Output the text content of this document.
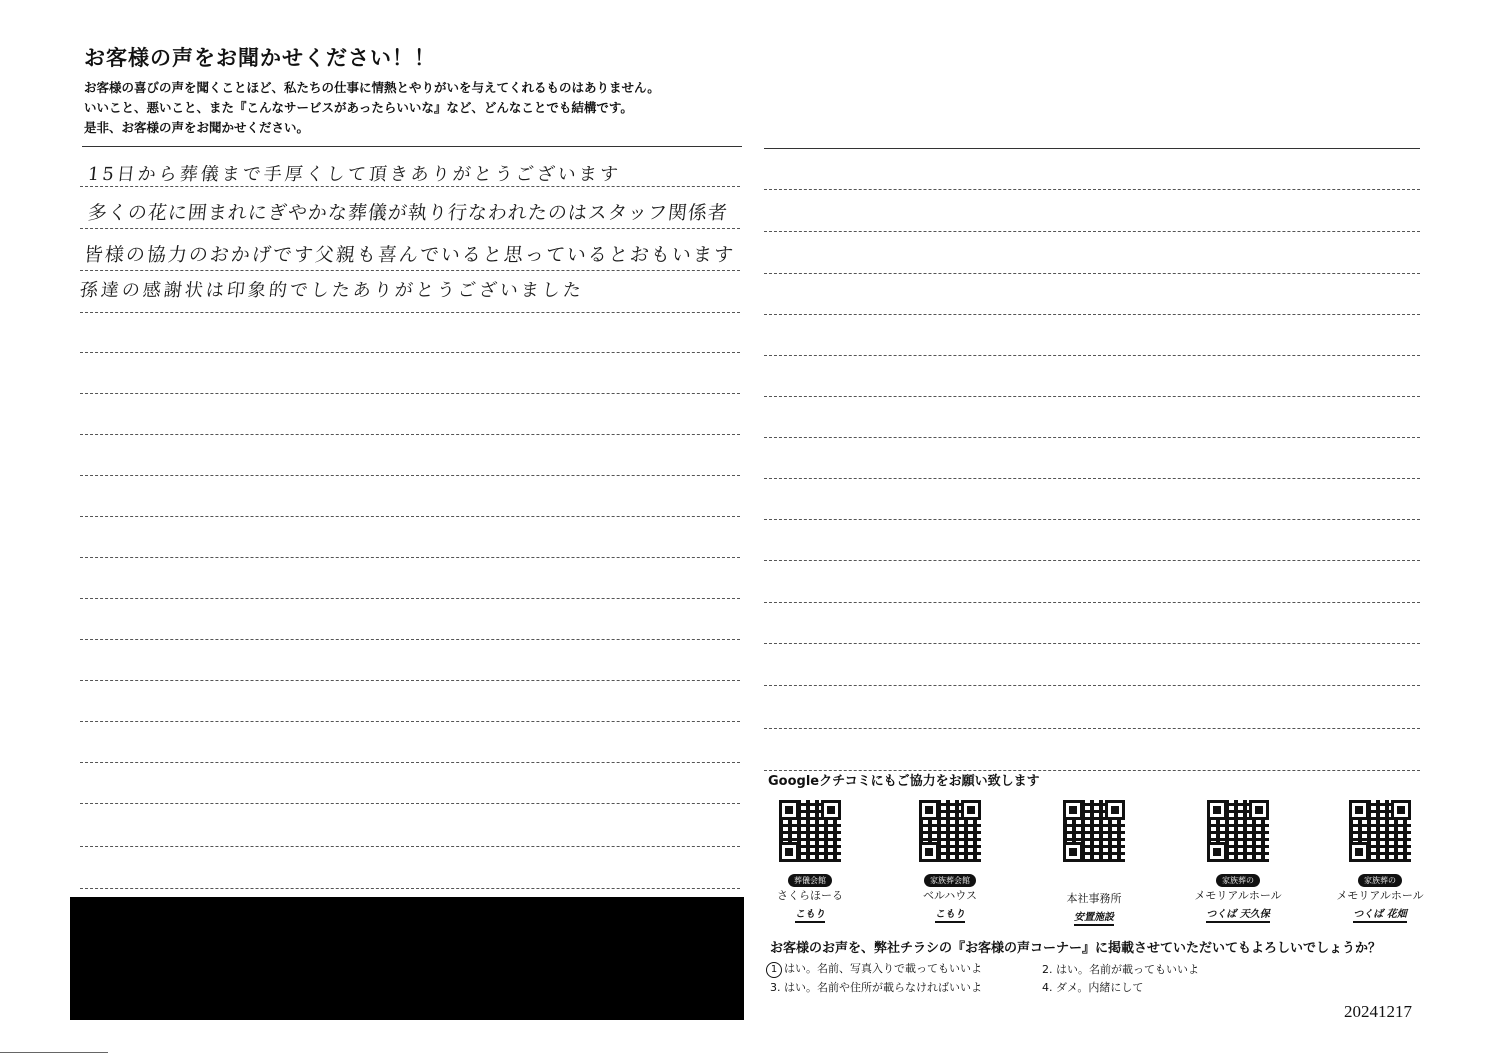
お客様の声をお聞かせください！！
お客様の喜びの声を聞くことほど、私たちの仕事に情熱とやりがいを与えてくれるものはありません。
いいこと、悪いこと、また『こんなサービスがあったらいいな』など、どんなことでも結構です。
是非、お客様の声をお聞かせください。
15日から葬儀まで手厚くして頂きありがとうございます
多くの花に囲まれにぎやかな葬儀が執り行なわれたのはスタッフ関係者
皆様の協力のおかげです父親も喜んでいると思っているとおもいます
孫達の感謝状は印象的でしたありがとうございました
Googleクチコミにもご協力をお願い致します
葬儀会館
さくらほーる
こもり
家族葬会館
ベルハウス
こもり
本社事務所
安置施設
家族葬の
メモリアルホール
つくば 天久保
家族葬の
メモリアルホール
つくば 花畑
お客様のお声を、弊社チラシの『お客様の声コーナー』に掲載させていただいてもよろしいでしょうか？
1 はい。名前、写真入りで載ってもいいよ	2. はい。名前が載ってもいいよ
3. はい。名前や住所が載らなければいいよ	4. ダメ。内緒にして
20241217
